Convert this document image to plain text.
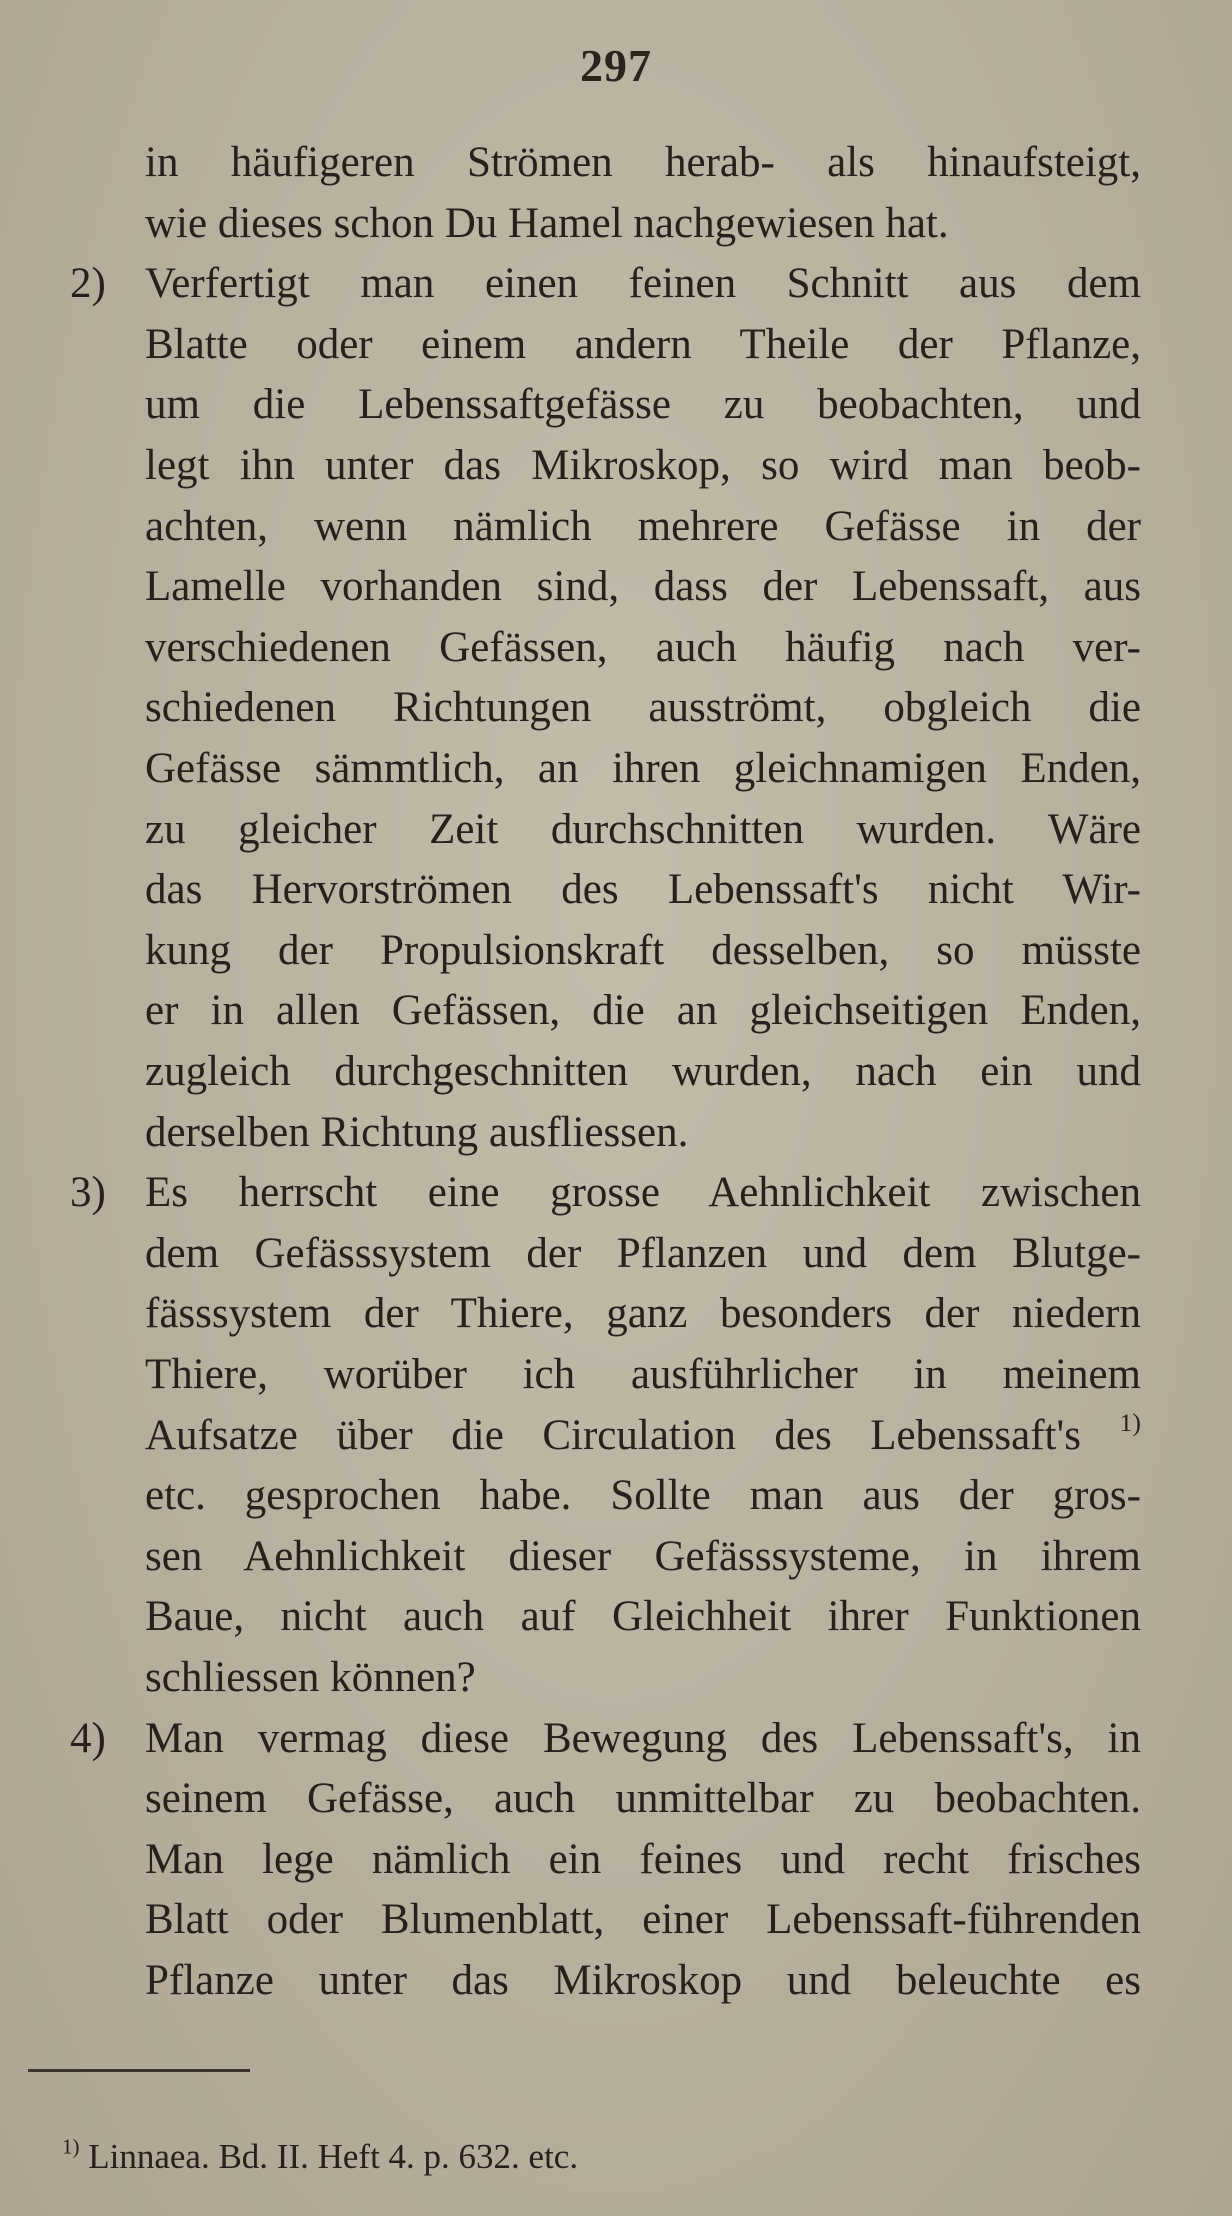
297
in häufigeren Strömen herab- als hinaufsteigt,
wie dieses schon Du Hamel nachgewiesen hat.
2) Verfertigt man einen feinen Schnitt aus dem
Blatte oder einem andern Theile der Pflanze,
um die Lebenssaftgefässe zu beobachten, und
legt ihn unter das Mikroskop, so wird man beob-
achten, wenn nämlich mehrere Gefässe in der
Lamelle vorhanden sind, dass der Lebenssaft, aus
verschiedenen Gefässen, auch häufig nach ver-
schiedenen Richtungen ausströmt, obgleich die
Gefässe sämmtlich, an ihren gleichnamigen Enden,
zu gleicher Zeit durchschnitten wurden. Wäre
das Hervorströmen des Lebenssaft's nicht Wir-
kung der Propulsionskraft desselben, so müsste
er in allen Gefässen, die an gleichseitigen Enden,
zugleich durchgeschnitten wurden, nach ein und
derselben Richtung ausfliessen.
3) Es herrscht eine grosse Aehnlichkeit zwischen
dem Gefässsystem der Pflanzen und dem Blutge-
fässsystem der Thiere, ganz besonders der niedern
Thiere, worüber ich ausführlicher in meinem
Aufsatze über die Circulation des Lebenssaft's $^{1)}$
etc. gesprochen habe. Sollte man aus der gros-
sen Aehnlichkeit dieser Gefässsysteme, in ihrem
Baue, nicht auch auf Gleichheit ihrer Funktionen
schliessen können?
4) Man vermag diese Bewegung des Lebenssaft's, in
seinem Gefässe, auch unmittelbar zu beobachten.
Man lege nämlich ein feines und recht frisches
Blatt oder Blumenblatt, einer Lebenssaft-führenden
Pflanze unter das Mikroskop und beleuchte es
$^{1)}$ Linnaea. Bd. II. Heft 4. p. 632. etc.
